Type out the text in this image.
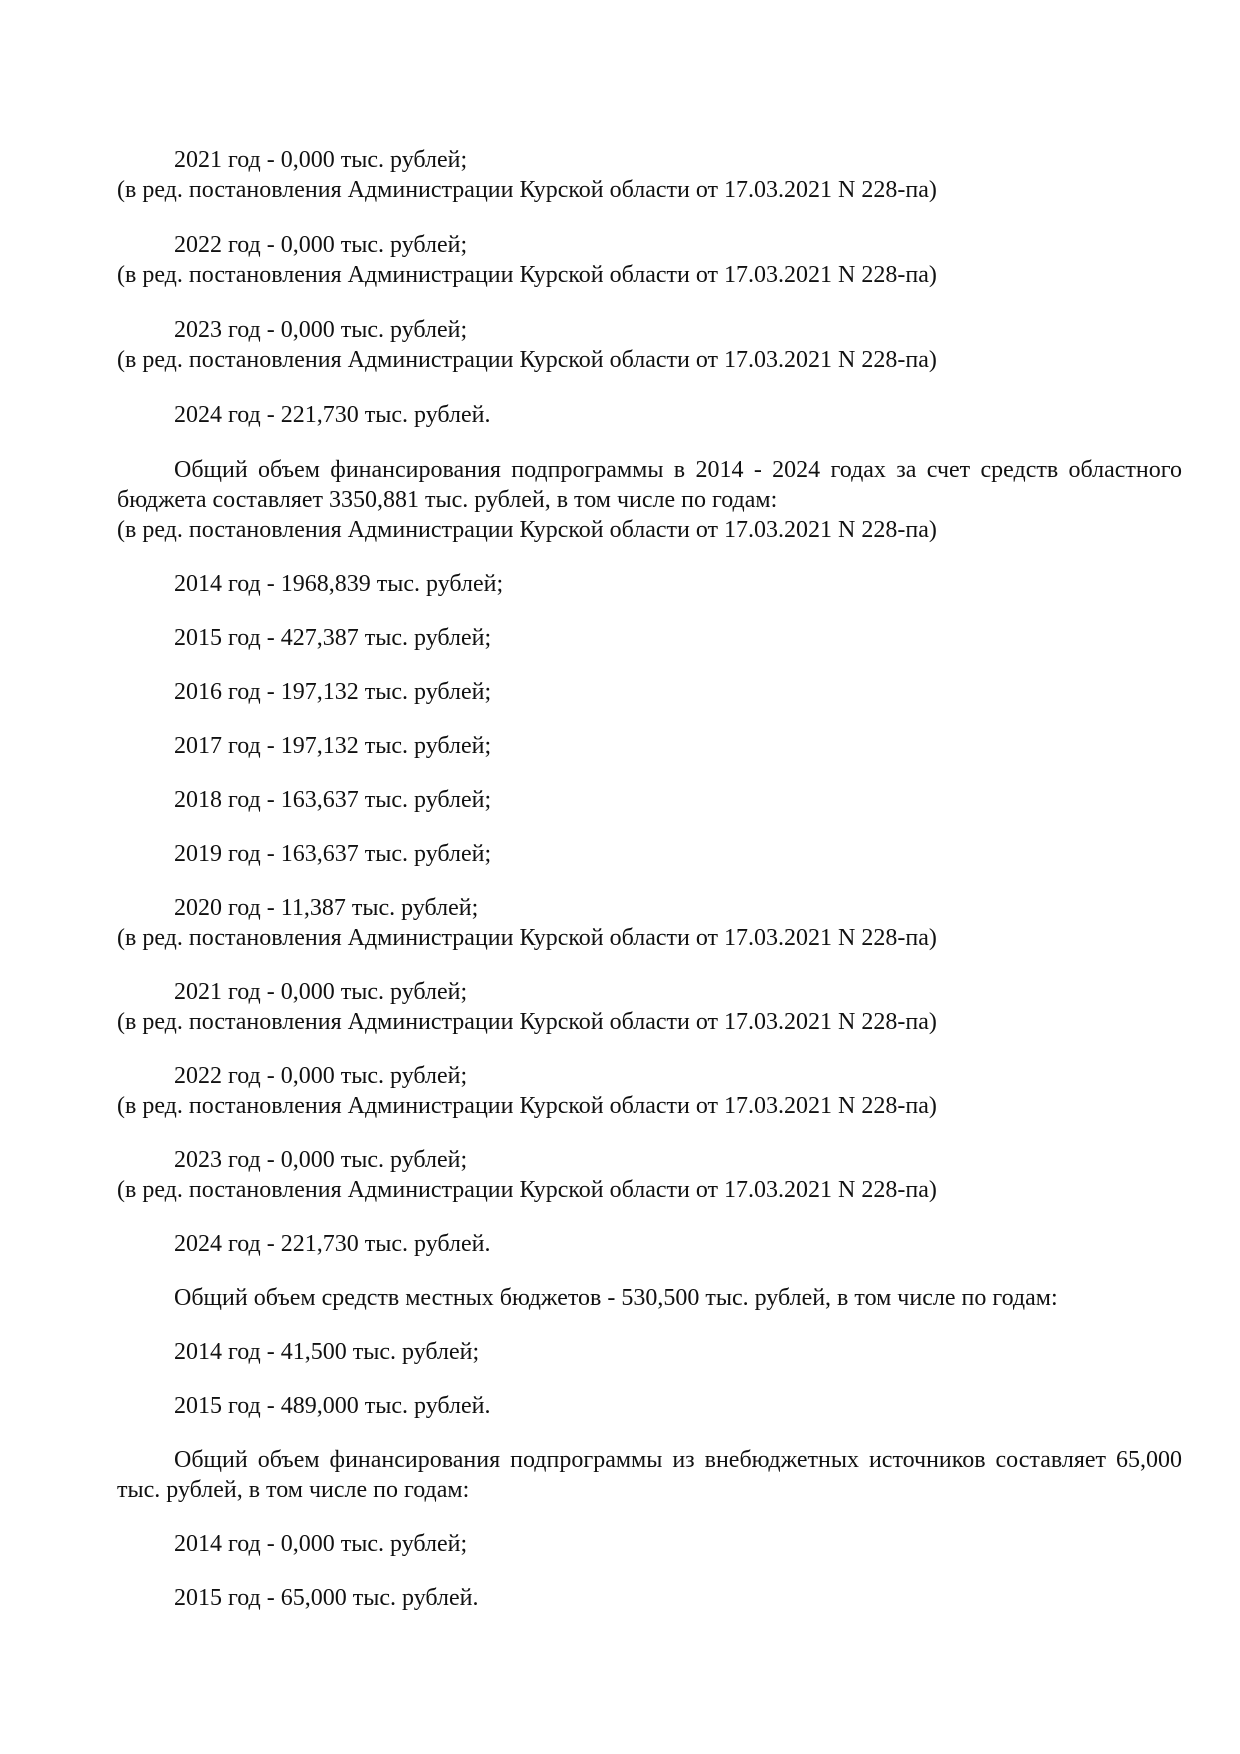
2021 год - 0,000 тыс. рублей;

(в ред. постановления Администрации Курской области от 17.03.2021 N 228-па)

2022 год - 0,000 тыс. рублей;

(в ред. постановления Администрации Курской области от 17.03.2021 N 228-па)

2023 год - 0,000 тыс. рублей;

(в ред. постановления Администрации Курской области от 17.03.2021 N 228-па)

2024 год - 221,730 тыс. рублей.

Общий объем финансирования подпрограммы в 2014 - 2024 годах за счет средств областного бюджета составляет 3350,881 тыс. рублей, в том числе по годам:

(в ред. постановления Администрации Курской области от 17.03.2021 N 228-па)

2014 год - 1968,839 тыс. рублей;

2015 год - 427,387 тыс. рублей;

2016 год - 197,132 тыс. рублей;

2017 год - 197,132 тыс. рублей;

2018 год - 163,637 тыс. рублей;

2019 год - 163,637 тыс. рублей;

2020 год - 11,387 тыс. рублей;

(в ред. постановления Администрации Курской области от 17.03.2021 N 228-па)

2021 год - 0,000 тыс. рублей;

(в ред. постановления Администрации Курской области от 17.03.2021 N 228-па)

2022 год - 0,000 тыс. рублей;

(в ред. постановления Администрации Курской области от 17.03.2021 N 228-па)

2023 год - 0,000 тыс. рублей;

(в ред. постановления Администрации Курской области от 17.03.2021 N 228-па)

2024 год - 221,730 тыс. рублей.

Общий объем средств местных бюджетов - 530,500 тыс. рублей, в том числе по годам:

2014 год - 41,500 тыс. рублей;

2015 год - 489,000 тыс. рублей.

Общий объем финансирования подпрограммы из внебюджетных источников составляет 65,000 тыс. рублей, в том числе по годам:

2014 год - 0,000 тыс. рублей;

2015 год - 65,000 тыс. рублей.
